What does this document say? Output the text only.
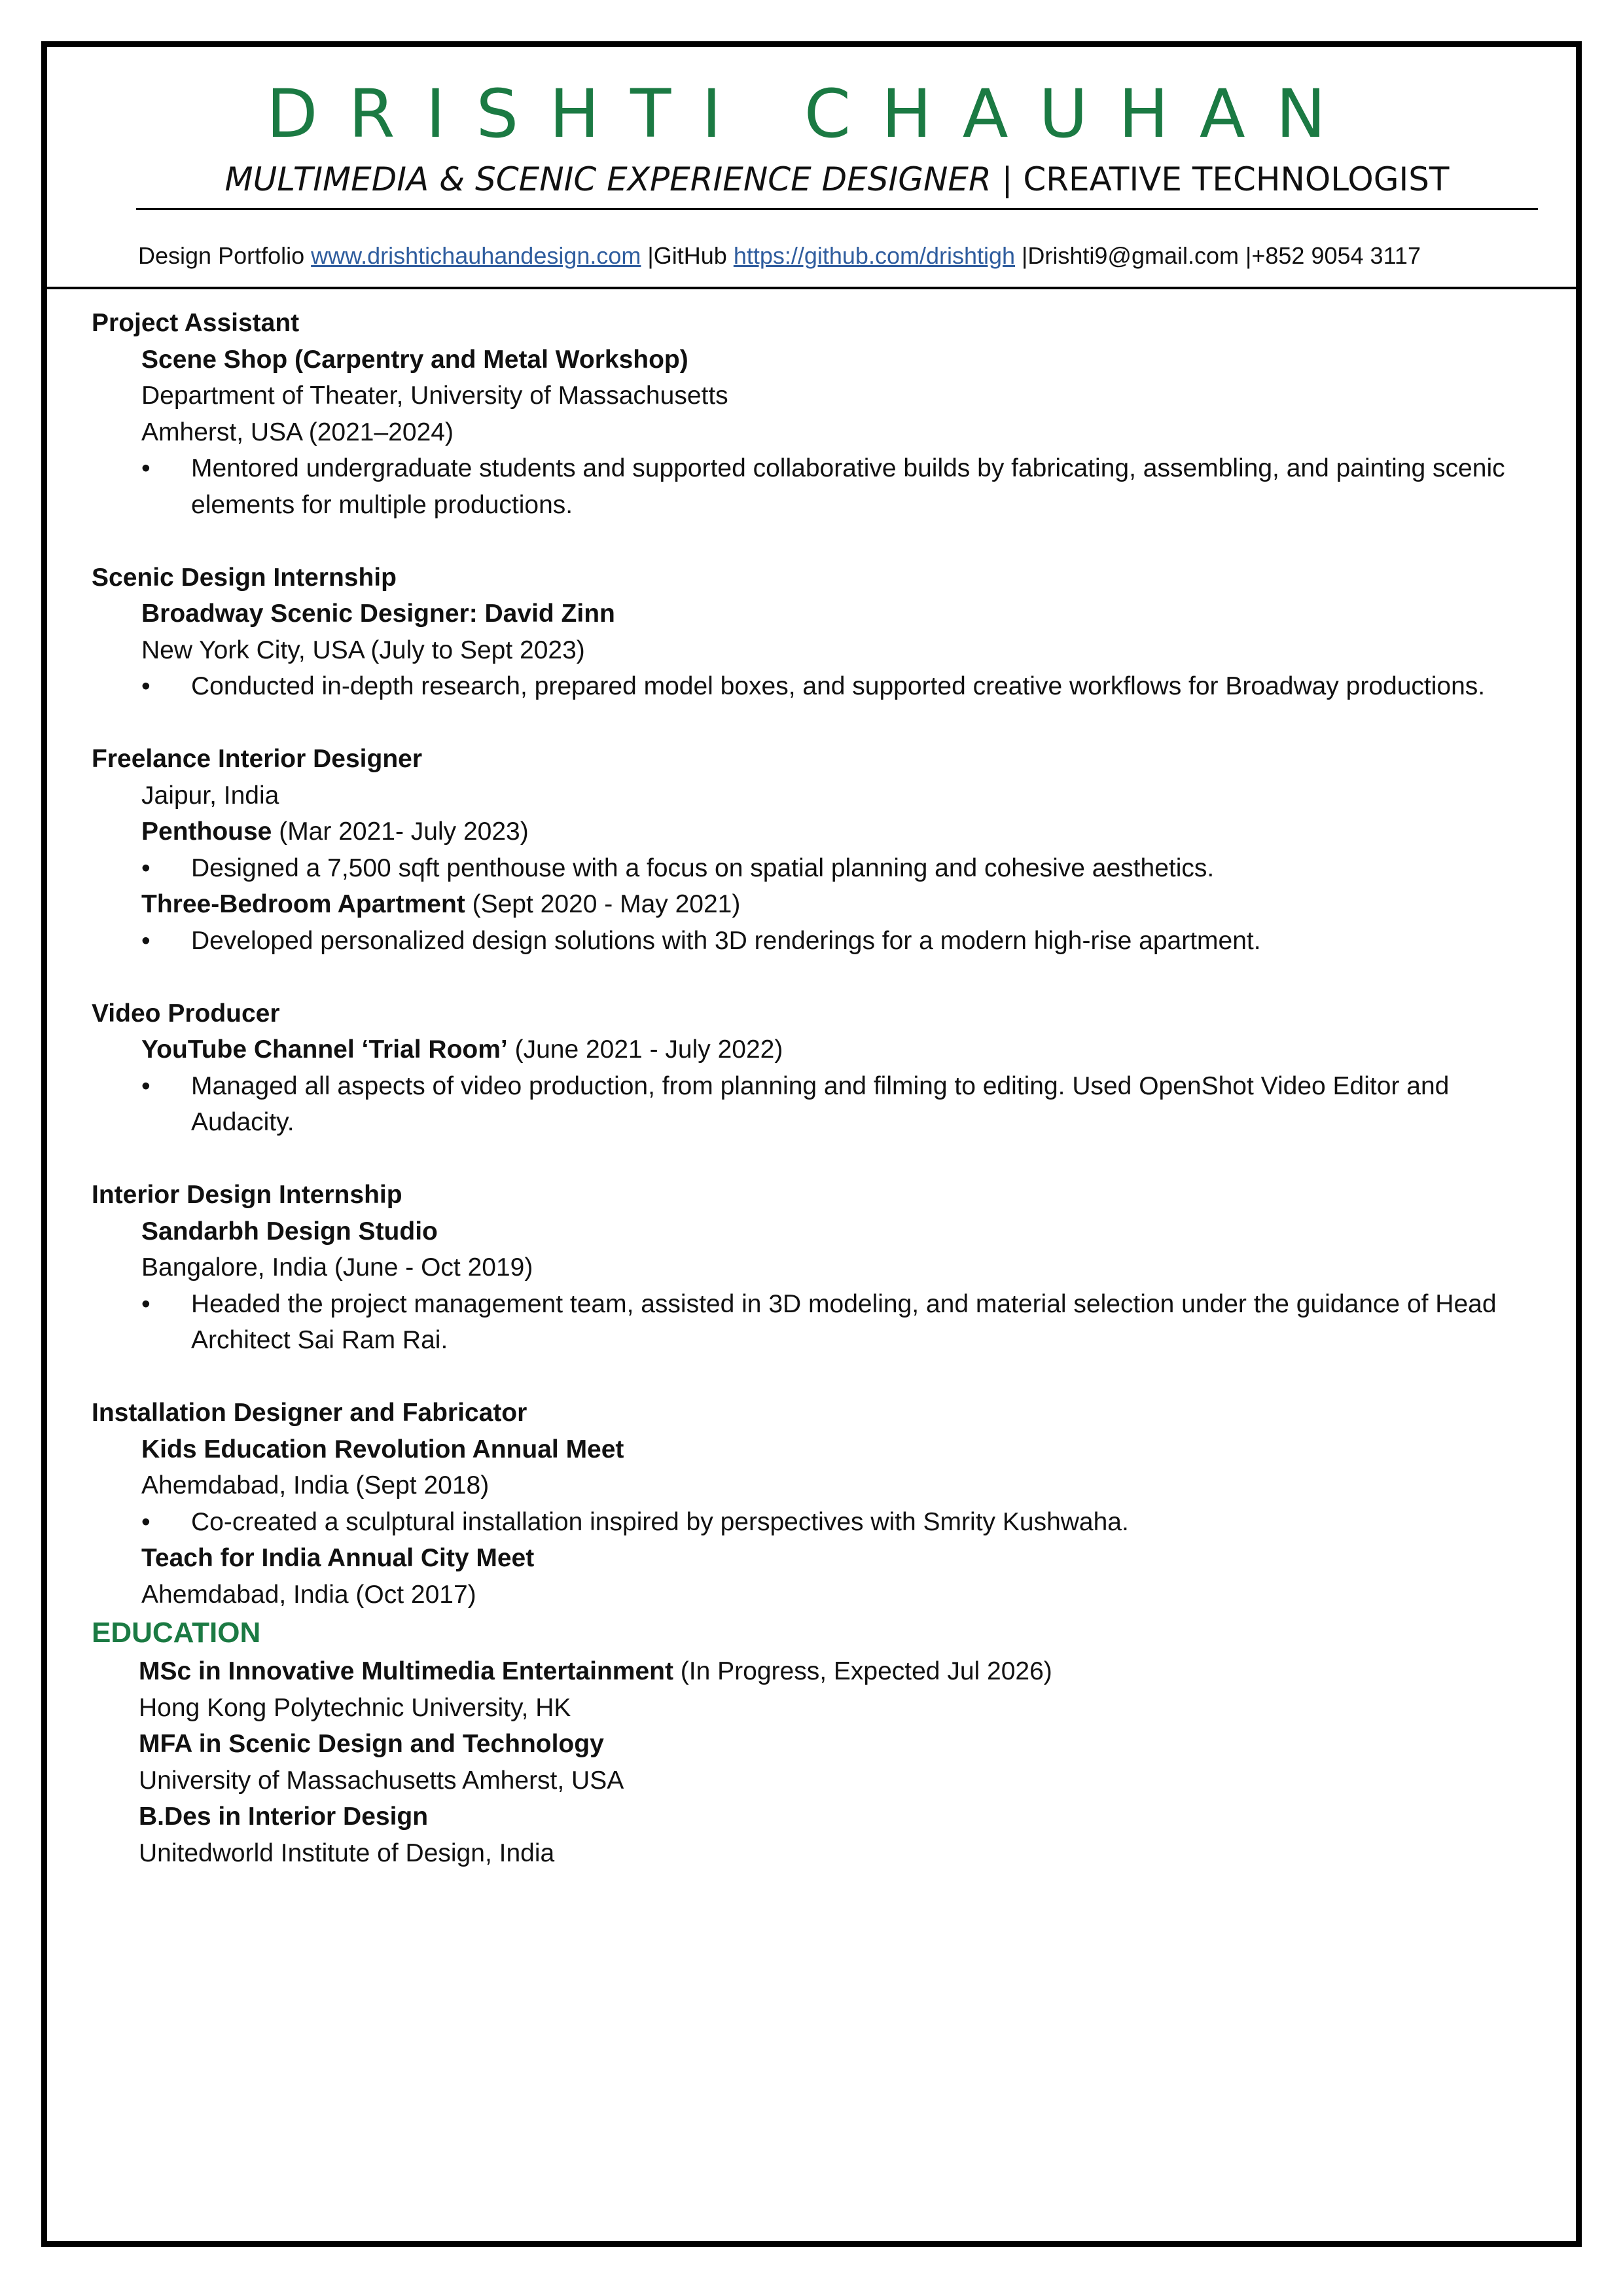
DRISHTI CHAUHAN
MULTIMEDIA & SCENIC EXPERIENCE DESIGNER | CREATIVE TECHNOLOGIST
Design Portfolio www.drishtichauhandesign.com |GitHub https://github.com/drishtigh |Drishti9@gmail.com |+852 9054 3117

Project Assistant

Scene Shop (Carpentry and Metal Workshop)

Department of Theater, University of Massachusetts

Amherst, USA (2021–2024)

• Mentored undergraduate students and supported collaborative builds by fabricating, assembling, and painting scenic elements for multiple productions.

Scenic Design Internship

Broadway Scenic Designer: David Zinn

New York City, USA (July to Sept 2023)

• Conducted in-depth research, prepared model boxes, and supported creative workflows for Broadway productions.

Freelance Interior Designer

Jaipur, India

Penthouse (Mar 2021- July 2023)

• Designed a 7,500 sqft penthouse with a focus on spatial planning and cohesive aesthetics.

Three-Bedroom Apartment (Sept 2020 - May 2021)

• Developed personalized design solutions with 3D renderings for a modern high-rise apartment.

Video Producer

YouTube Channel ‘Trial Room’ (June 2021 - July 2022)

• Managed all aspects of video production, from planning and filming to editing. Used OpenShot Video Editor and Audacity.

Interior Design Internship

Sandarbh Design Studio

Bangalore, India (June - Oct 2019)

• Headed the project management team, assisted in 3D modeling, and material selection under the guidance of Head Architect Sai Ram Rai.

Installation Designer and Fabricator

Kids Education Revolution Annual Meet

Ahemdabad, India (Sept 2018)

• Co-created a sculptural installation inspired by perspectives with Smrity Kushwaha.

Teach for India Annual City Meet

Ahemdabad, India (Oct 2017)

EDUCATION

MSc in Innovative Multimedia Entertainment (In Progress, Expected Jul 2026)

Hong Kong Polytechnic University, HK

MFA in Scenic Design and Technology

University of Massachusetts Amherst, USA

B.Des in Interior Design

Unitedworld Institute of Design, India
